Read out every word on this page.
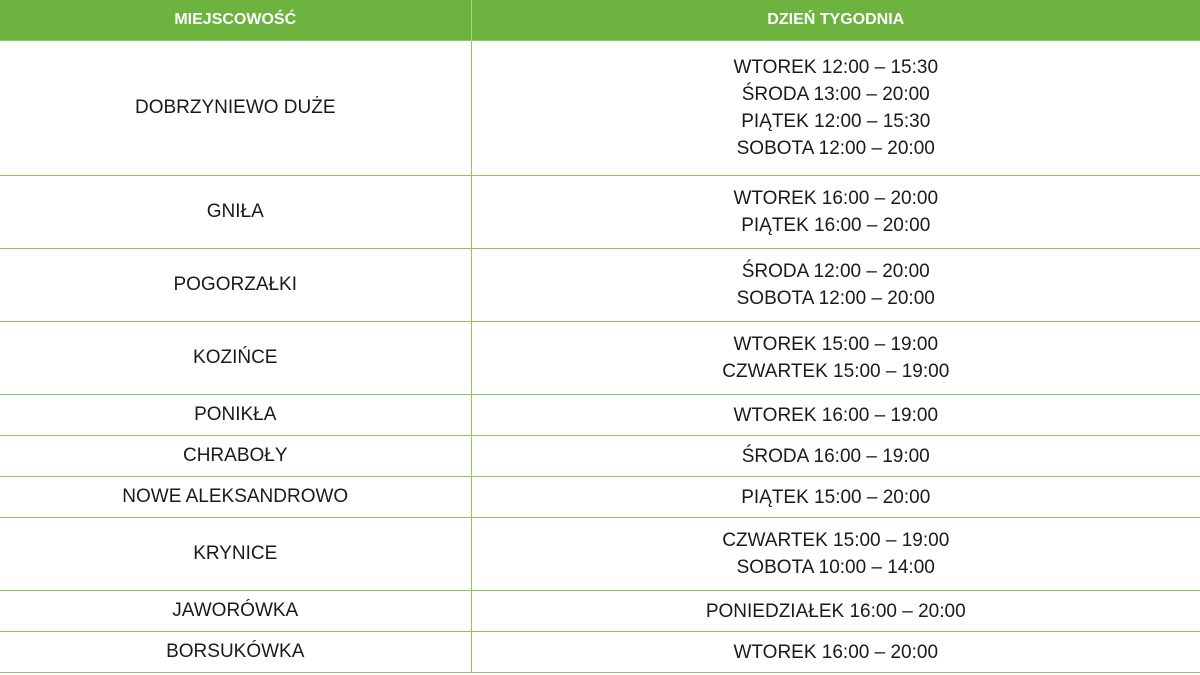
MIEJSCOWOŚĆ	DZIEŃ TYGODNIA
DOBRZYNIEWO DUŻE	WTOREK 12:00 – 15:30
ŚRODA 13:00 – 20:00
PIĄTEK 12:00 – 15:30
SOBOTA 12:00 – 20:00

GNIŁA	WTOREK 16:00 – 20:00
PIĄTEK 16:00 – 20:00

POGORZAŁKI	ŚRODA 12:00 – 20:00
SOBOTA 12:00 – 20:00

KOZIŃCE	WTOREK 15:00 – 19:00
CZWARTEK 15:00 – 19:00

PONIKŁA	WTOREK 16:00 – 19:00

CHRABOŁY	ŚRODA 16:00 – 19:00

NOWE ALEKSANDROWO	PIĄTEK 15:00 – 20:00

KRYNICE	CZWARTEK 15:00 – 19:00
SOBOTA 10:00 – 14:00

JAWORÓWKA	PONIEDZIAŁEK 16:00 – 20:00

BORSUKÓWKA	WTOREK 16:00 – 20:00
